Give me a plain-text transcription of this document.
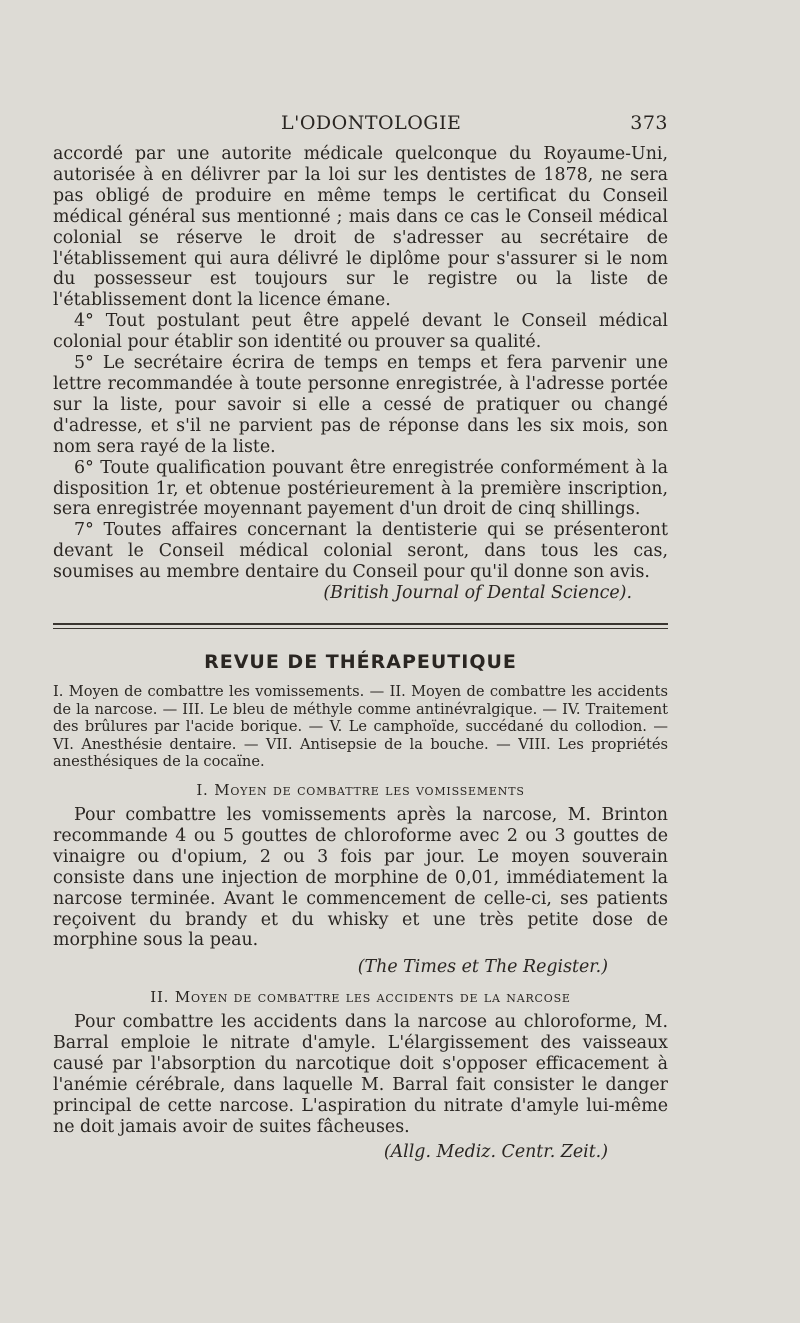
L'ODONTOLOGIE	373

accordé par une autorite médicale quelconque du Royaume-Uni, autorisée à en délivrer par la loi sur les dentistes de 1878, ne sera pas obligé de produire en même temps le certificat du Conseil médical général sus mentionné ; mais dans ce cas le Conseil médical colonial se réserve le droit de s'adresser au secrétaire de l'établissement qui aura délivré le diplôme pour s'assurer si le nom du possesseur est toujours sur le registre ou la liste de l'établissement dont la licence émane.

4° Tout postulant peut être appelé devant le Conseil médical colonial pour établir son identité ou prouver sa qualité.

5° Le secrétaire écrira de temps en temps et fera parvenir une lettre recommandée à toute personne enregistrée, à l'adresse portée sur la liste, pour savoir si elle a cessé de pratiquer ou changé d'adresse, et s'il ne parvient pas de réponse dans les six mois, son nom sera rayé de la liste.

6° Toute qualification pouvant être enregistrée conformément à la disposition 1r, et obtenue postérieurement à la première inscription, sera enregistrée moyennant payement d'un droit de cinq shillings.

7° Toutes affaires concernant la dentisterie qui se présenteront devant le Conseil médical colonial seront, dans tous les cas, soumises au membre dentaire du Conseil pour qu'il donne son avis.

(British Journal of Dental Science).

REVUE DE THÉRAPEUTIQUE

I. Moyen de combattre les vomissements. — II. Moyen de combattre les accidents de la narcose. — III. Le bleu de méthyle comme antinévralgique. — IV. Traitement des brûlures par l'acide borique. — V. Le camphoïde, succédané du collodion. — VI. Anesthésie dentaire. — VII. Antisepsie de la bouche. — VIII. Les propriétés anesthésiques de la cocaïne.

I. Moyen de combattre les vomissements

Pour combattre les vomissements après la narcose, M. Brinton recommande 4 ou 5 gouttes de chloroforme avec 2 ou 3 gouttes de vinaigre ou d'opium, 2 ou 3 fois par jour. Le moyen souverain consiste dans une injection de morphine de 0,01, immédiatement la narcose terminée. Avant le commencement de celle-ci, ses patients reçoivent du brandy et du whisky et une très petite dose de morphine sous la peau.

(The Times et The Register.)

II. Moyen de combattre les accidents de la narcose

Pour combattre les accidents dans la narcose au chloroforme, M. Barral emploie le nitrate d'amyle. L'élargissement des vaisseaux causé par l'absorption du narcotique doit s'opposer efficacement à l'anémie cérébrale, dans laquelle M. Barral fait consister le danger principal de cette narcose. L'aspiration du nitrate d'amyle lui-même ne doit jamais avoir de suites fâcheuses.

(Allg. Mediz. Centr. Zeit.)
